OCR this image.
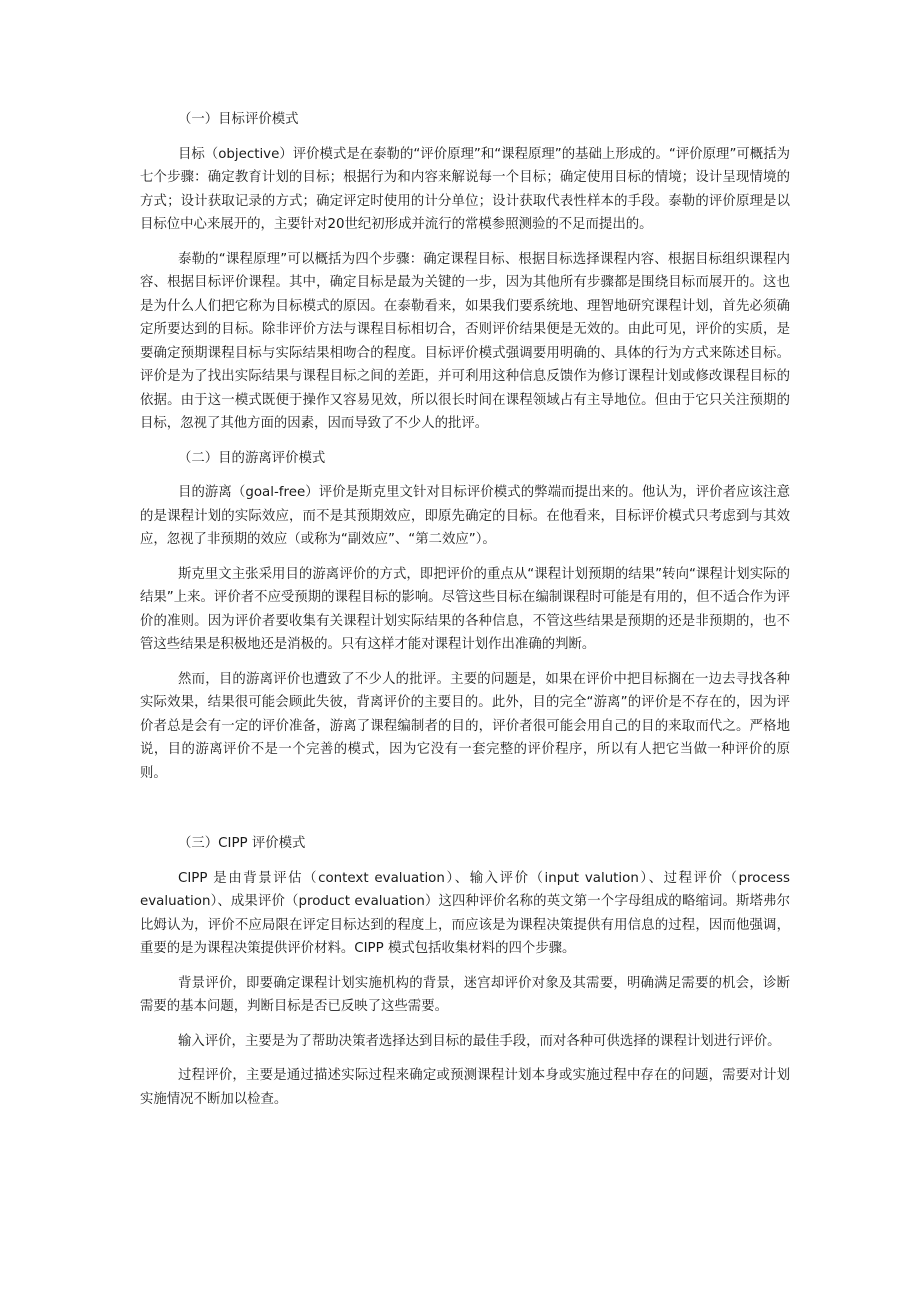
（一）目标评价模式

目标（objective）评价模式是在泰勒的“评价原理”和“课程原理”的基础上形成的。“评价原理”可概括为七个步骤：确定教育计划的目标；根据行为和内容来解说每一个目标；确定使用目标的情境；设计呈现情境的方式；设计获取记录的方式；确定评定时使用的计分单位；设计获取代表性样本的手段。泰勒的评价原理是以目标位中心来展开的，主要针对20世纪初形成并流行的常模参照测验的不足而提出的。

泰勒的“课程原理”可以概括为四个步骤：确定课程目标、根据目标选择课程内容、根据目标组织课程内容、根据目标评价课程。其中，确定目标是最为关键的一步，因为其他所有步骤都是围绕目标而展开的。这也是为什么人们把它称为目标模式的原因。在泰勒看来，如果我们要系统地、理智地研究课程计划，首先必须确定所要达到的目标。除非评价方法与课程目标相切合，否则评价结果便是无效的。由此可见，评价的实质，是要确定预期课程目标与实际结果相吻合的程度。目标评价模式强调要用明确的、具体的行为方式来陈述目标。评价是为了找出实际结果与课程目标之间的差距，并可利用这种信息反馈作为修订课程计划或修改课程目标的依据。由于这一模式既便于操作又容易见效，所以很长时间在课程领域占有主导地位。但由于它只关注预期的目标，忽视了其他方面的因素，因而导致了不少人的批评。

（二）目的游离评价模式

目的游离（goal-free）评价是斯克里文针对目标评价模式的弊端而提出来的。他认为，评价者应该注意的是课程计划的实际效应，而不是其预期效应，即原先确定的目标。在他看来，目标评价模式只考虑到与其效应，忽视了非预期的效应（或称为“副效应”、“第二效应”）。

斯克里文主张采用目的游离评价的方式，即把评价的重点从“课程计划预期的结果”转向“课程计划实际的结果”上来。评价者不应受预期的课程目标的影响。尽管这些目标在编制课程时可能是有用的，但不适合作为评价的准则。因为评价者要收集有关课程计划实际结果的各种信息，不管这些结果是预期的还是非预期的，也不管这些结果是积极地还是消极的。只有这样才能对课程计划作出准确的判断。

然而，目的游离评价也遭致了不少人的批评。主要的问题是，如果在评价中把目标搁在一边去寻找各种实际效果，结果很可能会顾此失彼，背离评价的主要目的。此外，目的完全“游离”的评价是不存在的，因为评价者总是会有一定的评价准备，游离了课程编制者的目的，评价者很可能会用自己的目的来取而代之。严格地说，目的游离评价不是一个完善的模式，因为它没有一套完整的评价程序，所以有人把它当做一种评价的原则。

（三）CIPP 评价模式

CIPP 是由背景评估（context evaluation）、输入评价（input valution）、过程评价（process evaluation）、成果评价（product evaluation）这四种评价名称的英文第一个字母组成的略缩词。斯塔弗尔比姆认为，评价不应局限在评定目标达到的程度上，而应该是为课程决策提供有用信息的过程，因而他强调，重要的是为课程决策提供评价材料。CIPP 模式包括收集材料的四个步骤。

背景评价，即要确定课程计划实施机构的背景，迷宫却评价对象及其需要，明确满足需要的机会，诊断需要的基本问题，判断目标是否已反映了这些需要。

输入评价，主要是为了帮助决策者选择达到目标的最佳手段，而对各种可供选择的课程计划进行评价。

过程评价，主要是通过描述实际过程来确定或预测课程计划本身或实施过程中存在的问题，需要对计划实施情况不断加以检查。
